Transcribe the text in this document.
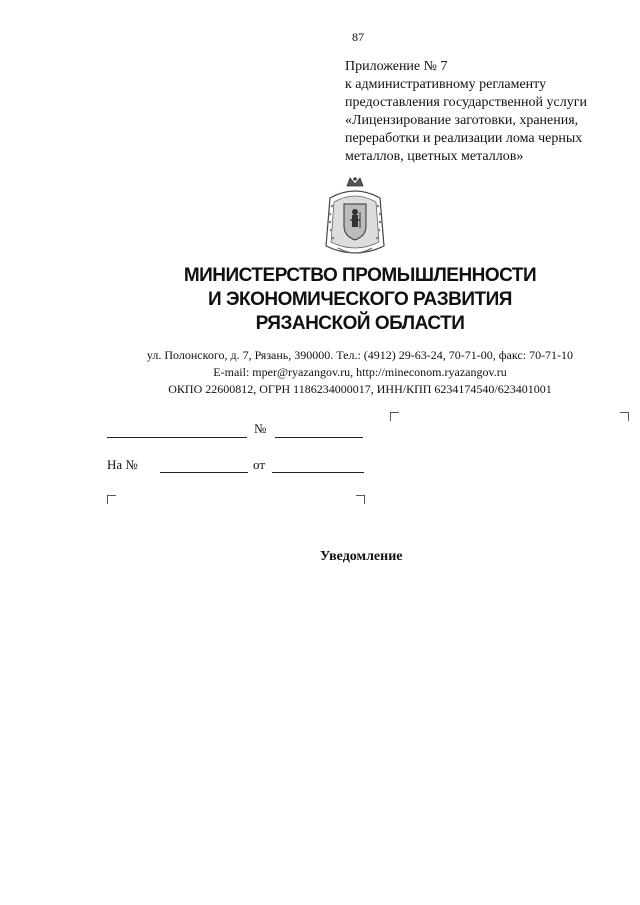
87
Приложение № 7
к административному регламенту
предоставления государственной услуги
«Лицензирование заготовки, хранения,
переработки и реализации лома черных
металлов, цветных металлов»
МИНИСТЕРСТВО ПРОМЫШЛЕННОСТИ
И ЭКОНОМИЧЕСКОГО РАЗВИТИЯ
РЯЗАНСКОЙ ОБЛАСТИ
ул. Полонского, д. 7, Рязань, 390000. Тел.: (4912) 29-63-24, 70-71-00, факс: 70-71-10
E-mail: mper@ryazangov.ru, http://mineconom.ryazangov.ru
ОКПО 22600812, ОГРН 1186234000017, ИНН/КПП 6234174540/623401001
№
На №	от
Уведомление
